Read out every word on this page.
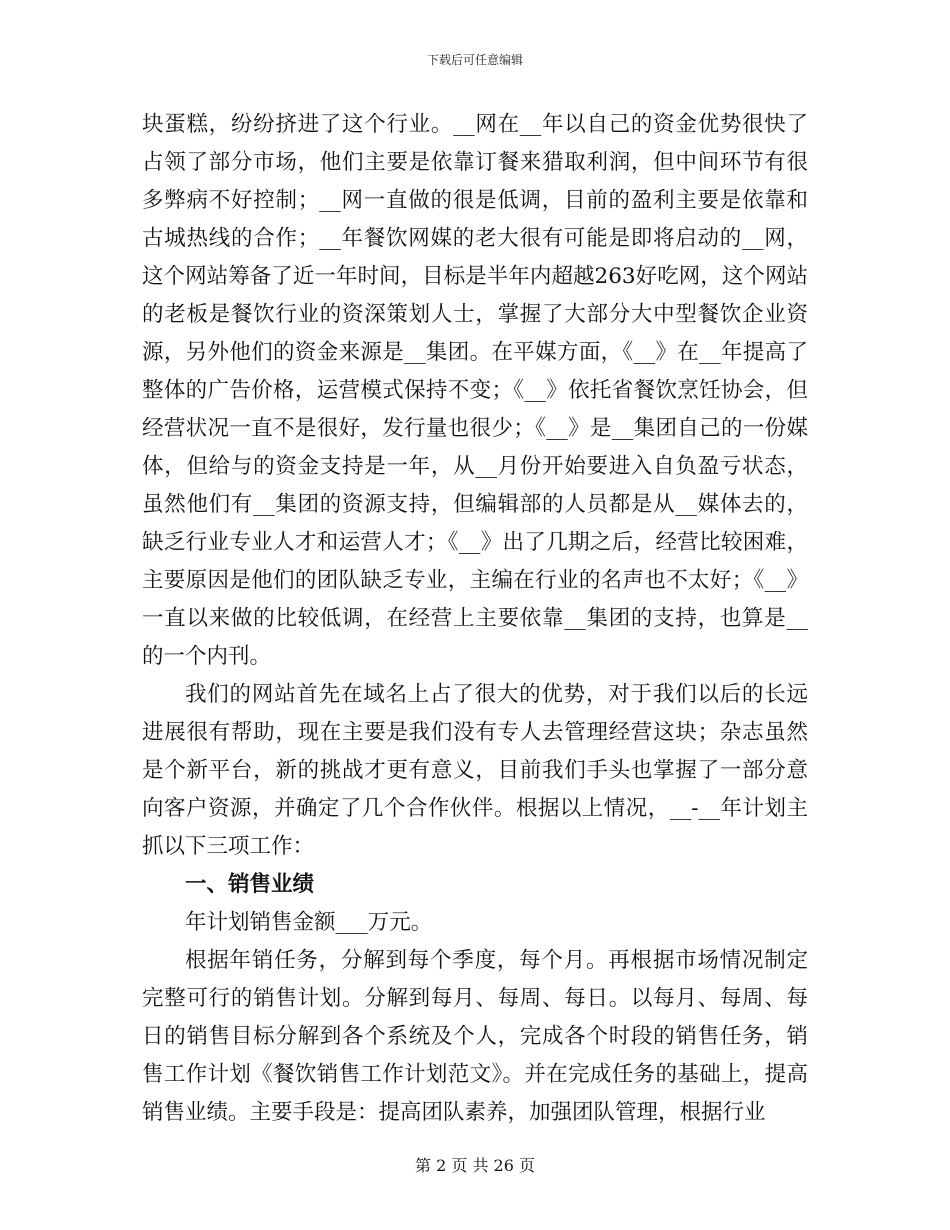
下载后可任意编辑

块蛋糕，纷纷挤进了这个行业。__网在__年以自己的资金优势很快了占领了部分市场，他们主要是依靠订餐来猎取利润，但中间环节有很多弊病不好控制；__网一直做的很是低调，目前的盈利主要是依靠和古城热线的合作；__年餐饮网媒的老大很有可能是即将启动的__网，这个网站筹备了近一年时间，目标是半年内超越263好吃网，这个网站的老板是餐饮行业的资深策划人士，掌握了大部分大中型餐饮企业资源，另外他们的资金来源是__集团。在平媒方面，《__》在__年提高了整体的广告价格，运营模式保持不变；《__》依托省餐饮烹饪协会，但经营状况一直不是很好，发行量也很少；《__》是__集团自己的一份媒体，但给与的资金支持是一年，从__月份开始要进入自负盈亏状态，虽然他们有__集团的资源支持，但编辑部的人员都是从__媒体去的，缺乏行业专业人才和运营人才；《__》出了几期之后，经营比较困难，主要原因是他们的团队缺乏专业，主编在行业的名声也不太好；《__》一直以来做的比较低调，在经营上主要依靠__集团的支持，也算是__的一个内刊。

我们的网站首先在域名上占了很大的优势，对于我们以后的长远进展很有帮助，现在主要是我们没有专人去管理经营这块；杂志虽然是个新平台，新的挑战才更有意义，目前我们手头也掌握了一部分意向客户资源，并确定了几个合作伙伴。根据以上情况，__-__年计划主抓以下三项工作：

一、销售业绩

年计划销售金额___万元。

根据年销任务，分解到每个季度，每个月。再根据市场情况制定完整可行的销售计划。分解到每月、每周、每日。以每月、每周、每日的销售目标分解到各个系统及个人，完成各个时段的销售任务，销售工作计划《餐饮销售工作计划范文》。并在完成任务的基础上，提高销售业绩。主要手段是：提高团队素养，加强团队管理，根据行业

第 2 页 共 26 页
